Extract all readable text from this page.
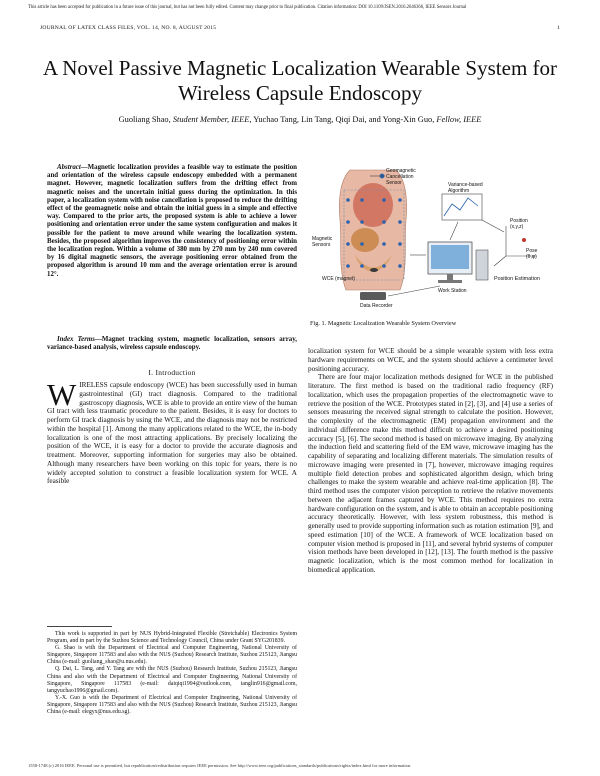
This article has been accepted for publication in a future issue of this journal, but has not been fully edited. Content may change prior to final publication. Citation information: DOI 10.1109/JSEN.2016.2646366, IEEE Sensors Journal
JOURNAL OF LATEX CLASS FILES, VOL. 14, NO. 8, AUGUST 2015	1
A Novel Passive Magnetic Localization Wearable System for Wireless Capsule Endoscopy
Guoliang Shao, Student Member, IEEE, Yuchao Tang, Lin Tang, Qiqi Dai, and Yong-Xin Guo, Fellow, IEEE
Abstract—Magnetic localization provides a feasible way to estimate the position and orientation of the wireless capsule endoscopy embedded with a permanent magnet. However, magnetic localization suffers from the drifting effect from magnetic noises and the uncertain initial guess during the optimization. In this paper, a localization system with noise cancellation is proposed to reduce the drifting effect of the geomagnetic noise and obtain the initial guess in a simple and effective way. Compared to the prior arts, the proposed system is able to achieve a lower positioning and orientation error under the same system configuration and makes it possible for the patient to move around while wearing the localization system. Besides, the proposed algorithm improves the consistency of positioning error within the localization region. Within a volume of 380 mm by 270 mm by 240 mm covered by 16 digital magnetic sensors, the average positioning error obtained from the proposed algorithm is around 10 mm and the average orientation error is around 12°.
Index Terms—Magnet tracking system, magnetic localization, sensors array, variance-based analysis, wireless capsule endoscopy.
I. Introduction
WIRELESS capsule endoscopy (WCE) has been successfully used in human gastrointestinal (GI) tract diagnosis. Compared to the traditional gastroscopy diagnosis, WCE is able to provide an entire view of the human GI tract with less traumatic procedure to the patient. Besides, it is easy for doctors to perform GI track diagnosis by using the WCE, and the diagnosis may not be restricted within the hospital [1]. Among the many applications related to the WCE, the in-body localization is one of the most attracting applications. By precisely localizing the position of the WCE, it is easy for a doctor to provide the accurate diagnosis and treatment. Moreover, supporting information for surgeries may also be obtained. Although many researchers have been working on this topic for years, there is no widely accepted solution to construct a feasible localization system for WCE. A feasible

This work is supported in part by NUS Hybrid-Integrated Flexible (Stretchable) Electronics System Program, and in part by the Suzhou Science and Technology Council, China under Grant SYG201839.

G. Shao is with the Department of Electrical and Computer Engineering, National University of Singapore, Singapore 117583 and also with the NUS (Suzhou) Research Institute, Suzhou 215123, Jiangsu China (e-mail: guoliang_shao@u.nus.edu).

Q. Dai, L. Tang, and Y. Tang are with the NUS (Suzhou) Research Institute, Suzhou 215123, Jiangsu China and also with the Department of Electrical and Computer Engineering, National University of Singapore, Singapore 117583 (e-mail: daiqiqi1994@outlook.com, tanglin916@gmail.com, tangyuchao1996@gmail.com).

Y.-X. Guo is with the Department of Electrical and Computer Engineering, National University of Singapore, Singapore 117583 and also with the NUS (Suzhou) Research Institute, Suzhou 215123, Jiangsu China (e-mail: elegyx@nus.edu.sg).

Geomagnetic Cancellation Sensor	Variance-based Algorithm
Magnetic Sensors
WCE (magnet)
Data Recorder
Work Station
Position (x,y,z)
Pose (θ,φ)
Position Estimation
Fig. 1. Magnetic Localization Wearable System Overview

localization system for WCE should be a simple wearable system with less extra hardware requirements on WCE, and the system should achieve a centimeter level positioning accuracy.

There are four major localization methods designed for WCE in the published literature. The first method is based on the traditional radio frequency (RF) localization, which uses the propagation properties of the electromagnetic wave to retrieve the position of the WCE. Prototypes stated in [2], [3], and [4] use a series of sensors measuring the received signal strength to calculate the position. However, the complexity of the electromagnetic (EM) propagation environment and the individual difference make this method difficult to achieve a desired positioning accuracy [5], [6]. The second method is based on microwave imaging. By analyzing the induction field and scattering field of the EM wave, microwave imaging has the capability of separating and localizing different materials. The simulation results of microwave imaging were presented in [7], however, microwave imaging requires multiple field detection probes and sophisticated algorithm design, which bring challenges to make the system wearable and achieve real-time application [8]. The third method uses the computer vision perception to retrieve the relative movements between the adjacent frames captured by WCE. This method requires no extra hardware configuration on the system, and is able to obtain an acceptable positioning accuracy theoretically. However, with less system robustness, this method is generally used to provide supporting information such as rotation estimation [9], and speed estimation [10] of the WCE. A framework of WCE localization based on computer vision method is proposed in [11], and several hybrid systems of computer vision methods have been developed in [12], [13]. The fourth method is the passive magnetic localization, which is the most common method for localization in biomedical application.

1558-1748 (c) 2016 IEEE. Personal use is permitted, but republication/redistribution requires IEEE permission. See http://www.ieee.org/publications_standards/publications/rights/index.html for more information.
